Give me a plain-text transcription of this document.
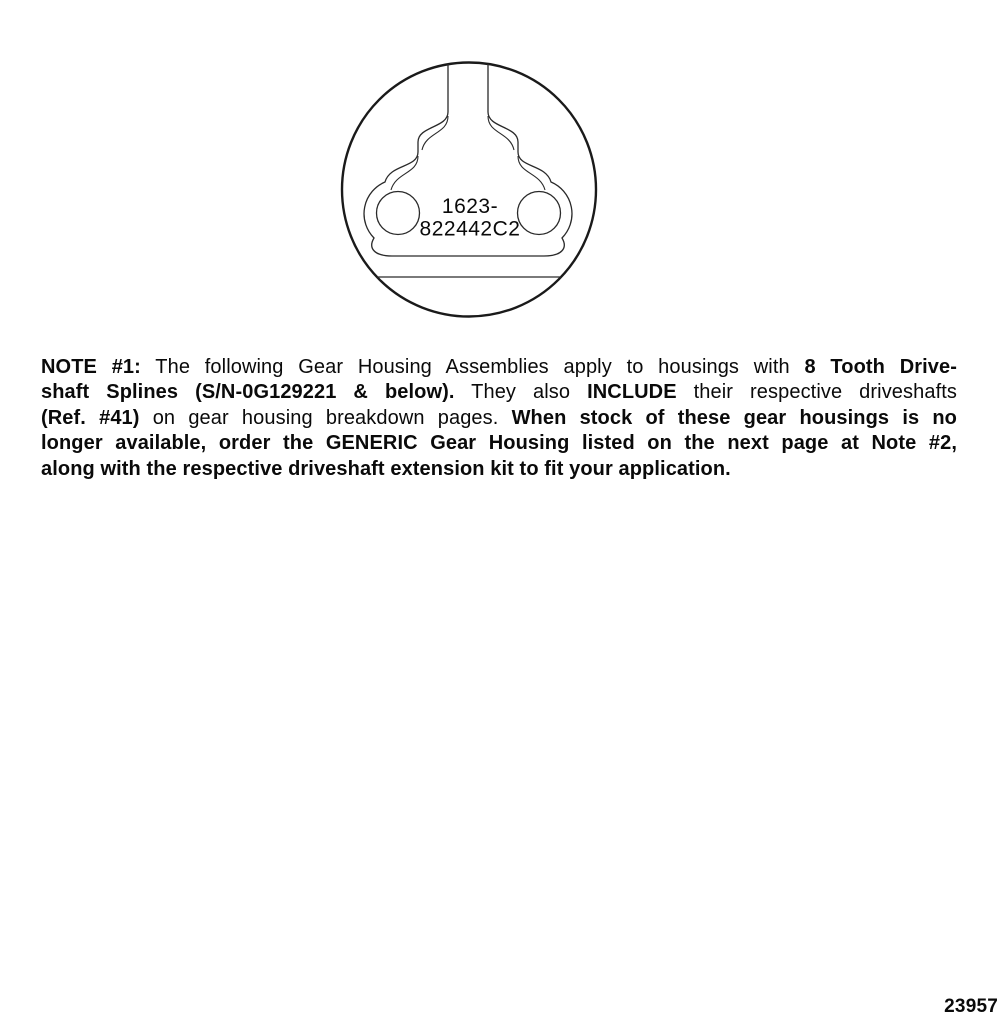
1623-
822442C2
NOTE #1: The following Gear Housing Assemblies apply to housings with 8 Tooth Drive-
shaft Splines (S/N-0G129221 & below). They also INCLUDE their respective driveshafts
(Ref. #41) on gear housing breakdown pages. When stock of these gear housings is no
longer available, order the GENERIC Gear Housing listed on the next page at Note #2,
along with the respective driveshaft extension kit to fit your application.
23957
